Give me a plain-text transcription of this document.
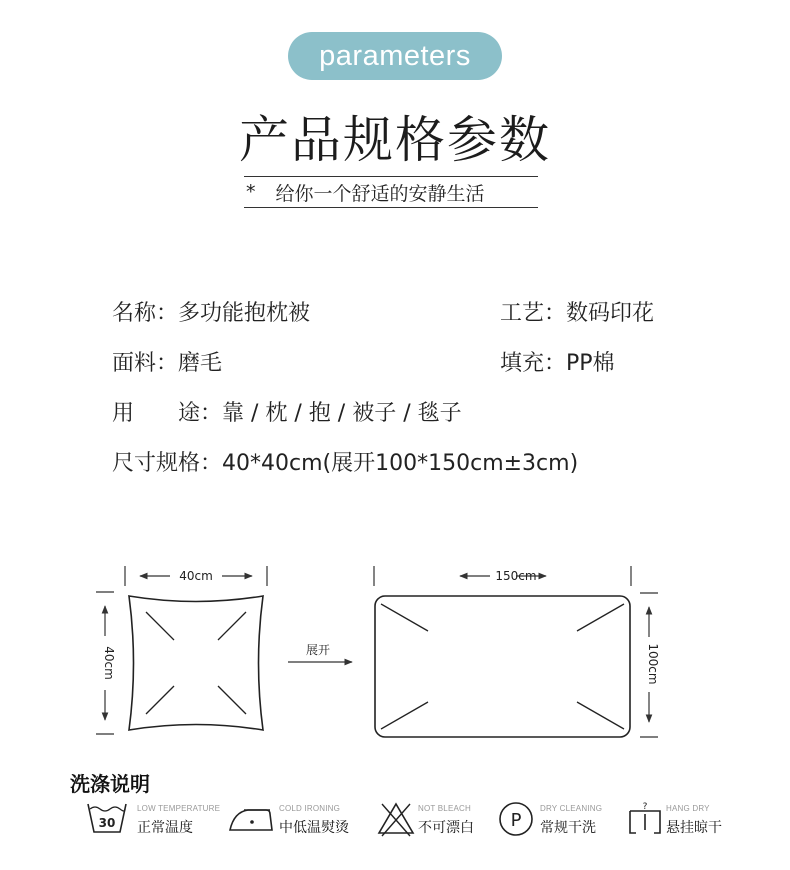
parameters
产品规格参数
* 给你一个舒适的安静生活
名称：多功能抱枕被	工艺：数码印花
面料：磨毛	填充：PP棉
用　　途：靠 / 枕 / 抱 / 被子 / 毯子
尺寸规格：40*40cm(展开100*150cm±3cm)
40cm
40cm	展开
150cm
100cm
洗涤说明
30
LOW TEMPERATURE
正常温度
COLD IRONING
中低温熨烫
NOT BLEACH
不可漂白 P
DRY CLEANING
常规干洗
? HANG DRY
悬挂晾干
